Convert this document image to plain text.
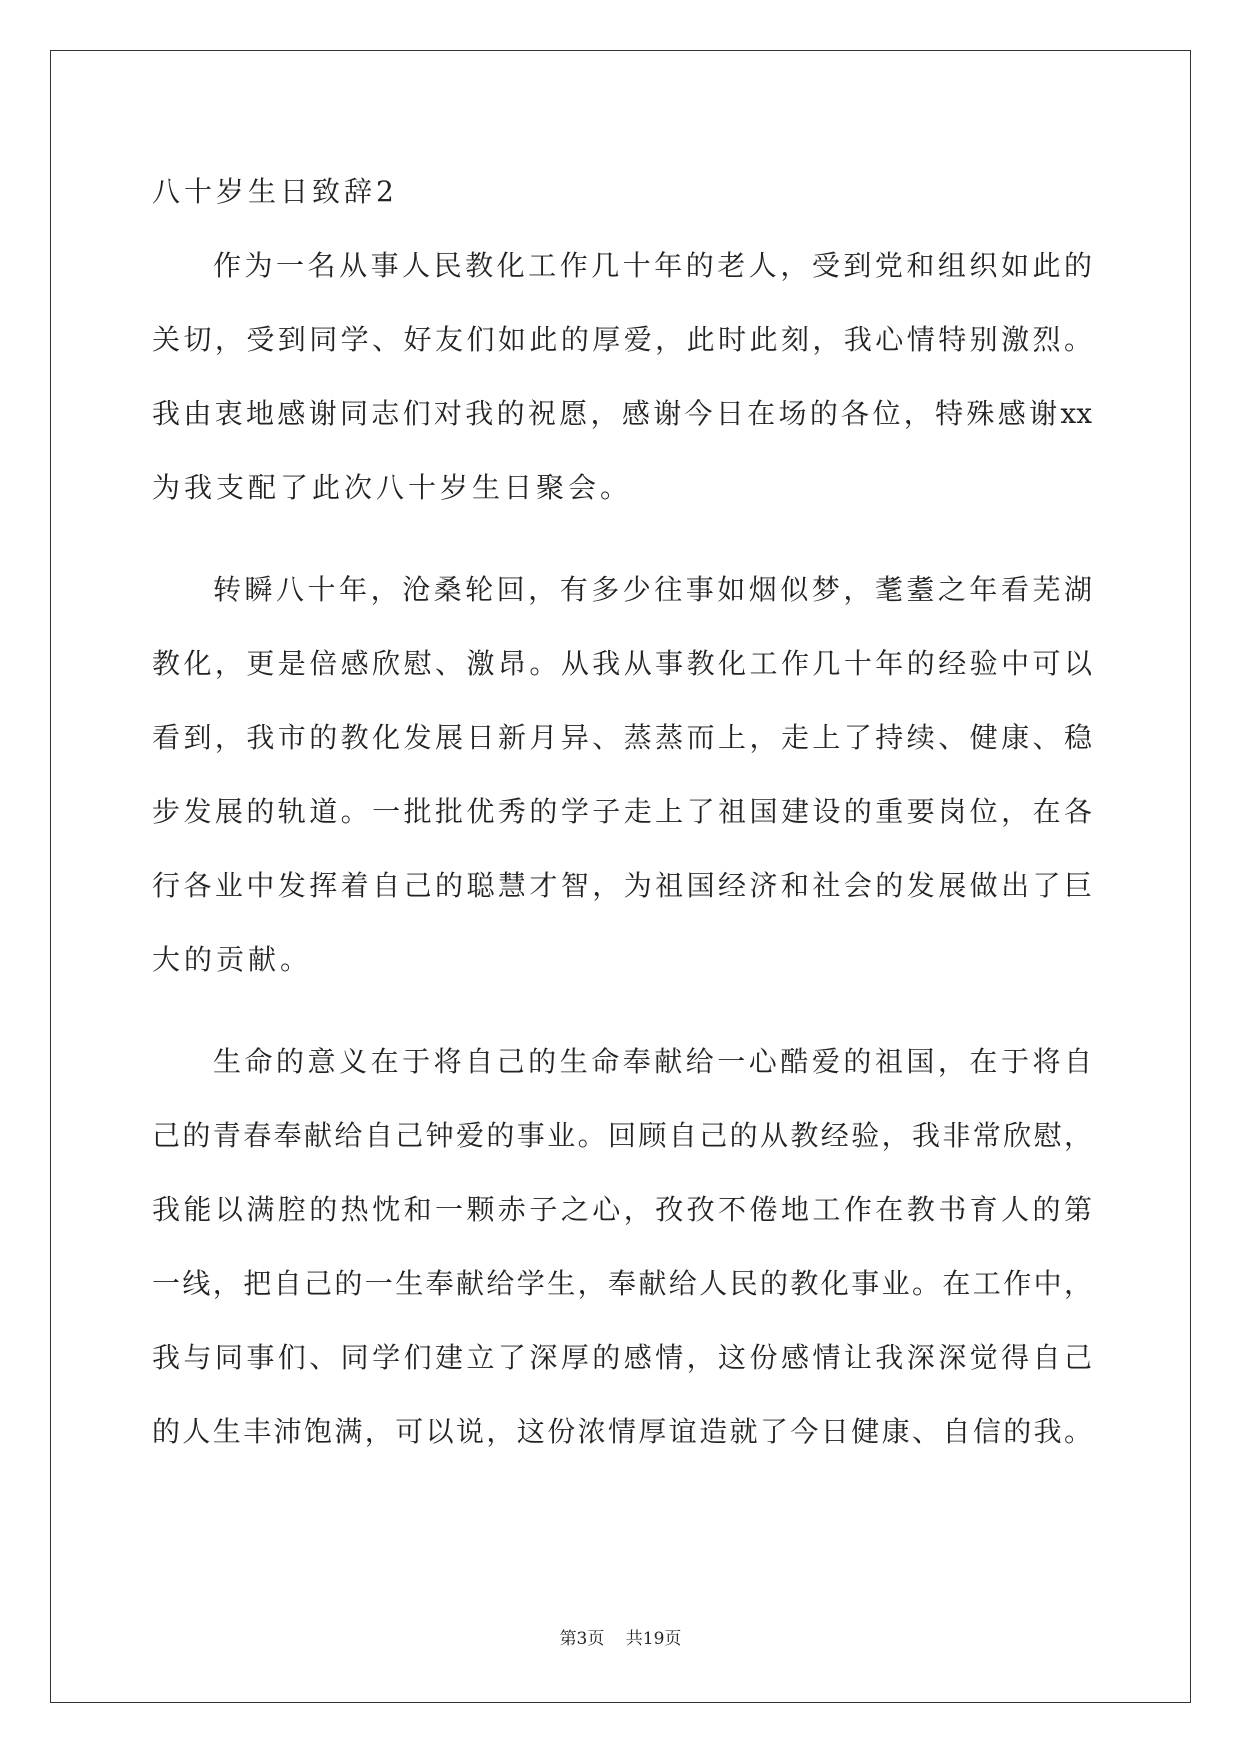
八十岁生日致辞2
作为一名从事人民教化工作几十年的老人，受到党和组织如此的
关切，受到同学、好友们如此的厚爱，此时此刻，我心情特别激烈。
我由衷地感谢同志们对我的祝愿，感谢今日在场的各位，特殊感谢xx
为我支配了此次八十岁生日聚会。
转瞬八十年，沧桑轮回，有多少往事如烟似梦，耄耋之年看芜湖
教化，更是倍感欣慰、激昂。从我从事教化工作几十年的经验中可以
看到，我市的教化发展日新月异、蒸蒸而上，走上了持续、健康、稳
步发展的轨道。一批批优秀的学子走上了祖国建设的重要岗位，在各
行各业中发挥着自己的聪慧才智，为祖国经济和社会的发展做出了巨
大的贡献。
生命的意义在于将自己的生命奉献给一心酷爱的祖国，在于将自
己的青春奉献给自己钟爱的事业。回顾自己的从教经验，我非常欣慰，
我能以满腔的热忱和一颗赤子之心，孜孜不倦地工作在教书育人的第
一线，把自己的一生奉献给学生，奉献给人民的教化事业。在工作中，
我与同事们、同学们建立了深厚的感情，这份感情让我深深觉得自己
的人生丰沛饱满，可以说，这份浓情厚谊造就了今日健康、自信的我。
第3页 共19页
